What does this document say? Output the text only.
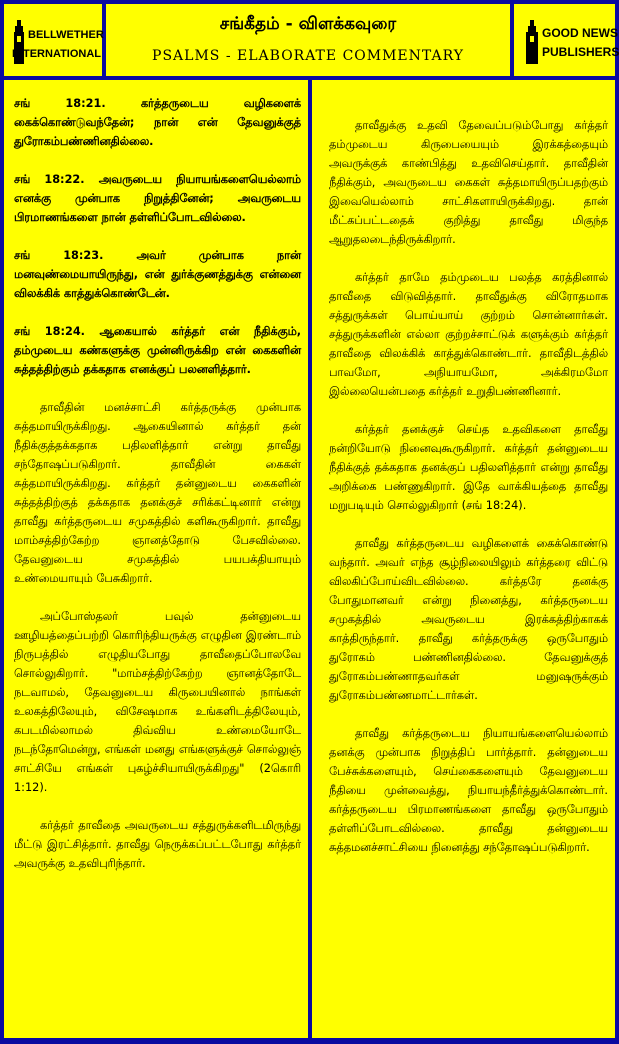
BELLWETHER
INTERNATIONAL
சங்கீதம் - விளக்கவுரை
PSALMS - ELABORATE COMMENTARY
GOOD NEWS
PUBLISHERS

சங் 18:21. கர்த்தருடைய வழிகளைக் கைக்கொண்டுவந்தேன்; நான் என் தேவனுக்குத் துரோகம்பண்ணினதில்லை.

சங் 18:22. அவருடைய நியாயங்களையெல்லாம் எனக்கு முன்பாக நிறுத்தினேன்; அவருடைய பிரமாணங்களை நான் தள்ளிப்போடவில்லை.

சங் 18:23. அவர் முன்பாக நான் மனவுண்மையாயிருந்து, என் துர்க்குணத்துக்கு என்னை விலக்கிக் காத்துக்கொண்டேன்.

சங் 18:24. ஆகையால் கர்த்தர் என் நீதிக்கும், தம்முடைய கண்களுக்கு முன்னிருக்கிற என் கைகளின் சுத்தத்திற்கும் தக்கதாக எனக்குப் பலனளித்தார்.

தாவீதின் மனச்சாட்சி கர்த்தருக்கு முன்பாக சுத்தமாயிருக்கிறது. ஆகையினால் கர்த்தர் தன் நீதிக்குத்தக்கதாக பதிலளித்தார் என்று தாவீது சந்தோஷப்படுகிறார். தாவீதின் கைகள் சுத்தமாயிருக்கிறது. கர்த்தர் தன்னுடைய கைகளின் சுத்தத்திற்குத் தக்கதாக தனக்குச் சரிக்கட்டினார் என்று தாவீது கர்த்தருடைய சமுகத்தில் களிகூருகிறார். தாவீது மாம்சத்திற்கேற்ற ஞானத்தோடு பேசவில்லை. தேவனுடைய சமுகத்தில் பயபக்தியாயும் உண்மையாயும் பேசுகிறார்.

அப்போஸ்தலர் பவுல் தன்னுடைய ஊழியத்தைப்பற்றி கொரிந்தியருக்கு எழுதின இரண்டாம் நிருபத்தில் எழுதியபோது தாவீதைப்போலவே சொல்லுகிறார். "மாம்சத்திற்கேற்ற ஞானத்தோடே நடவாமல், தேவனுடைய கிருபையினால் நாங்கள் உலகத்திலேயும், விசேஷமாக உங்களிடத்திலேயும், கபடமில்லாமல் திவ்விய உண்மையோடே நடந்தோமென்று, எங்கள் மனது எங்களுக்குச் சொல்லுஞ் சாட்சியே எங்கள் புகழ்ச்சியாயிருக்கிறது" (2கொரி 1:12).

கர்த்தர் தாவீதை அவருடைய சத்துருக்களிடமிருந்து மீட்டு இரட்சித்தார். தாவீது நெருக்கப்பட்டபோது கர்த்தர் அவருக்கு உதவிபுரிந்தார்.

தாவீதுக்கு உதவி தேவைப்படும்போது கர்த்தர் தம்முடைய கிருபையையும் இரக்கத்தையும் அவருக்குக் காண்பித்து உதவிசெய்தார். தாவீதின் நீதிக்கும், அவருடைய கைகள் சுத்தமாயிருப்பதற்கும் இவையெல்லாம் சாட்சிகளாயிருக்கிறது. தான் மீட்கப்பட்டதைக் குறித்து தாவீது மிகுந்த ஆறுதலடைந்திருக்கிறார்.

கர்த்தர் தாமே தம்முடைய பலத்த கரத்தினால் தாவீதை விடுவித்தார். தாவீதுக்கு விரோதமாக சத்துருக்கள் பொய்யாய் குற்றம் சொன்னார்கள். சத்துருக்களின் எல்லா குற்றச்சாட்டுக் களுக்கும் கர்த்தர் தாவீதை விலக்கிக் காத்துக்கொண்டார். தாவீதிடத்தில் பாவமோ, அநியாயமோ, அக்கிரமமோ இல்லையென்பதை கர்த்தர் உறுதிபண்ணினார்.

கர்த்தர் தனக்குச் செய்த உதவிகளை தாவீது நன்றியோடு நினைவுகூருகிறார். கர்த்தர் தன்னுடைய நீதிக்குத் தக்கதாக தனக்குப் பதிலளித்தார் என்று தாவீது அறிக்கை பண்ணுகிறார். இதே வாக்கியத்தை தாவீது மறுபடியும் சொல்லுகிறார் (சங் 18:24).

தாவீது கர்த்தருடைய வழிகளைக் கைக்கொண்டு வந்தார். அவர் எந்த சூழ்நிலையிலும் கர்த்தரை விட்டு விலகிப்போய்விடவில்லை. கர்த்தரே தனக்கு போதுமானவர் என்று நினைத்து, கர்த்தருடைய சமுகத்தில் அவருடைய இரக்கத்திற்காகக் காத்திருந்தார். தாவீது கர்த்தருக்கு ஒருபோதும் துரோகம் பண்ணினதில்லை. தேவனுக்குத் துரோகம்பண்ணாதவர்கள் மனுஷருக்கும் துரோகம்பண்ணமாட்டார்கள்.

தாவீது கர்த்தருடைய நியாயங்களையெல்லாம் தனக்கு முன்பாக நிறுத்திப் பார்த்தார். தன்னுடைய பேச்சுக்களையும், செய்கைகளையும் தேவனுடைய நீதியை முன்வைத்து, நியாயந்தீர்த்துக்கொண்டார். கர்த்தருடைய பிரமாணங்களை தாவீது ஒருபோதும் தள்ளிப்போடவில்லை. தாவீது தன்னுடைய சுத்தமனச்சாட்சியை நினைத்து சந்தோஷப்படுகிறார்.
